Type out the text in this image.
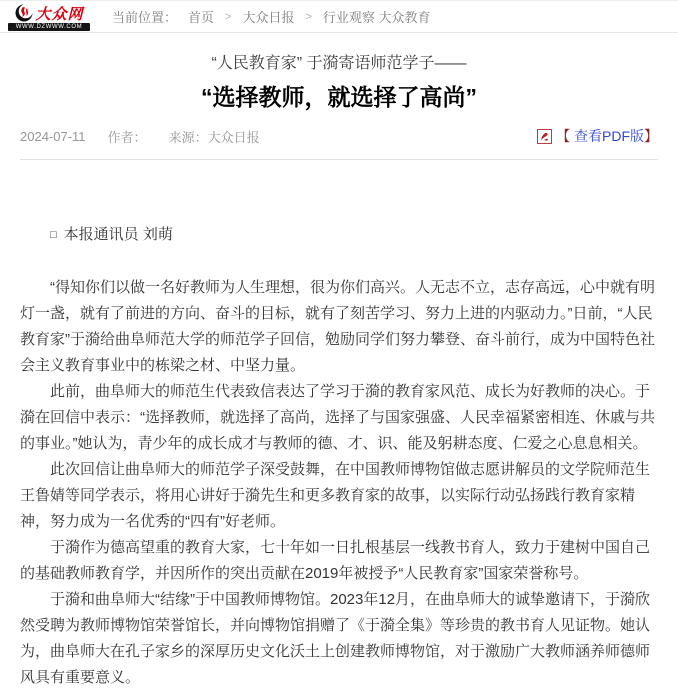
大众网
WWW.DZWWW.COM
当前位置： 首页 > 大众日报 > 行业观察 大众教育
“人民教育家” 于漪寄语师范学子——
“选择教师，就选择了高尚”
2024-07-11 作者： 来源：大众日报	【 查看PDF版】

□ 本报通讯员 刘萌

“得知你们以做一名好教师为人生理想，很为你们高兴。人无志不立，志存高远，心中就有明灯一盏，就有了前进的方向、奋斗的目标，就有了刻苦学习、努力上进的内驱动力。”日前，“人民教育家”于漪给曲阜师范大学的师范学子回信，勉励同学们努力攀登、奋斗前行，成为中国特色社会主义教育事业中的栋梁之材、中坚力量。

此前，曲阜师大的师范生代表致信表达了学习于漪的教育家风范、成长为好教师的决心。于漪在回信中表示：“选择教师，就选择了高尚，选择了与国家强盛、人民幸福紧密相连、休戚与共的事业。”她认为，青少年的成长成才与教师的德、才、识、能及躬耕态度、仁爱之心息息相关。

此次回信让曲阜师大的师范学子深受鼓舞，在中国教师博物馆做志愿讲解员的文学院师范生王鲁婧等同学表示，将用心讲好于漪先生和更多教育家的故事，以实际行动弘扬践行教育家精神，努力成为一名优秀的“四有”好老师。

于漪作为德高望重的教育大家，七十年如一日扎根基层一线教书育人，致力于建树中国自己的基础教师教育学，并因所作的突出贡献在2019年被授予“人民教育家”国家荣誉称号。

于漪和曲阜师大“结缘”于中国教师博物馆。2023年12月，在曲阜师大的诚挚邀请下，于漪欣然受聘为教师博物馆荣誉馆长，并向博物馆捐赠了《于漪全集》等珍贵的教书育人见证物。她认为，曲阜师大在孔子家乡的深厚历史文化沃土上创建教师博物馆，对于激励广大教师涵养师德师风具有重要意义。
